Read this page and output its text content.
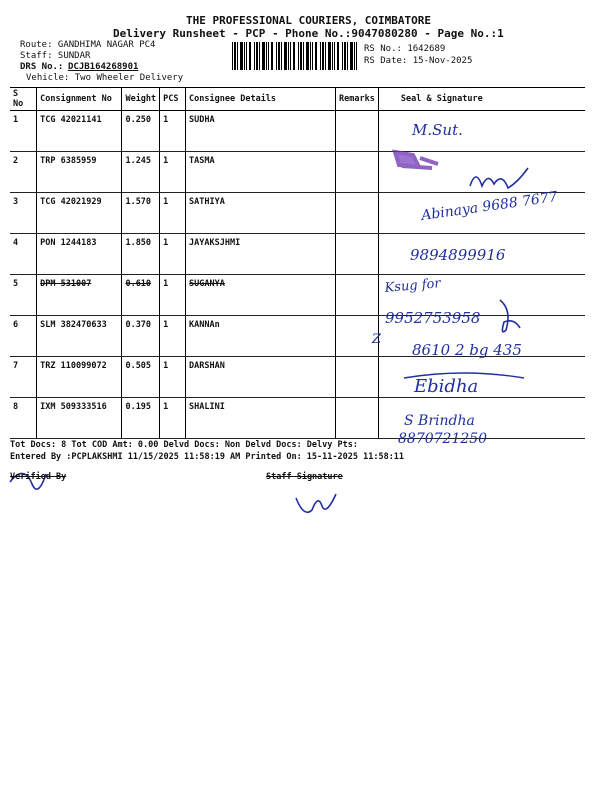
THE PROFESSIONAL COURIERS, COIMBATORE
Delivery Runsheet - PCP - Phone No.:9047080280 - Page No.:1
Route: GANDHIMA NAGAR PC4
Staff: SUNDAR
DRS No.: DCJB164268901
Vehicle: Two Wheeler Delivery
RS No.: 1642689
RS Date: 15-Nov-2025
S No	Consignment No	Weight	PCS	Consignee Details	Remarks	Seal & Signature
1	TCG 42021141	0.250	1	SUDHA		
2	TRP 6385959	1.245	1	TASMA		
3	TCG 42021929	1.570	1	SATHIYA		
4	PON 1244183	1.850	1	JAYAKSJHMI		
5	DPM 531007	0.610	1	SUGANYA		
6	SLM 382470633	0.370	1	KANNAn		
7	TRZ 110099072	0.505	1	DARSHAN		
8	IXM 509333516	0.195	1	SHALINI		
M.Sut.
Abinaya 9688 7677
9894899916
Ksug for
9952753958
Z
8610 2 bg 435
Ebidha
S Brindha
8870721250
Tot Docs: 8 Tot COD Amt: 0.00 Delvd Docs: Non Delvd Docs: Delvy Pts:
Entered By :PCPLAKSHMI 11/15/2025 11:58:19 AM Printed On: 15-11-2025 11:58:11
Verified By	Staff Signature
